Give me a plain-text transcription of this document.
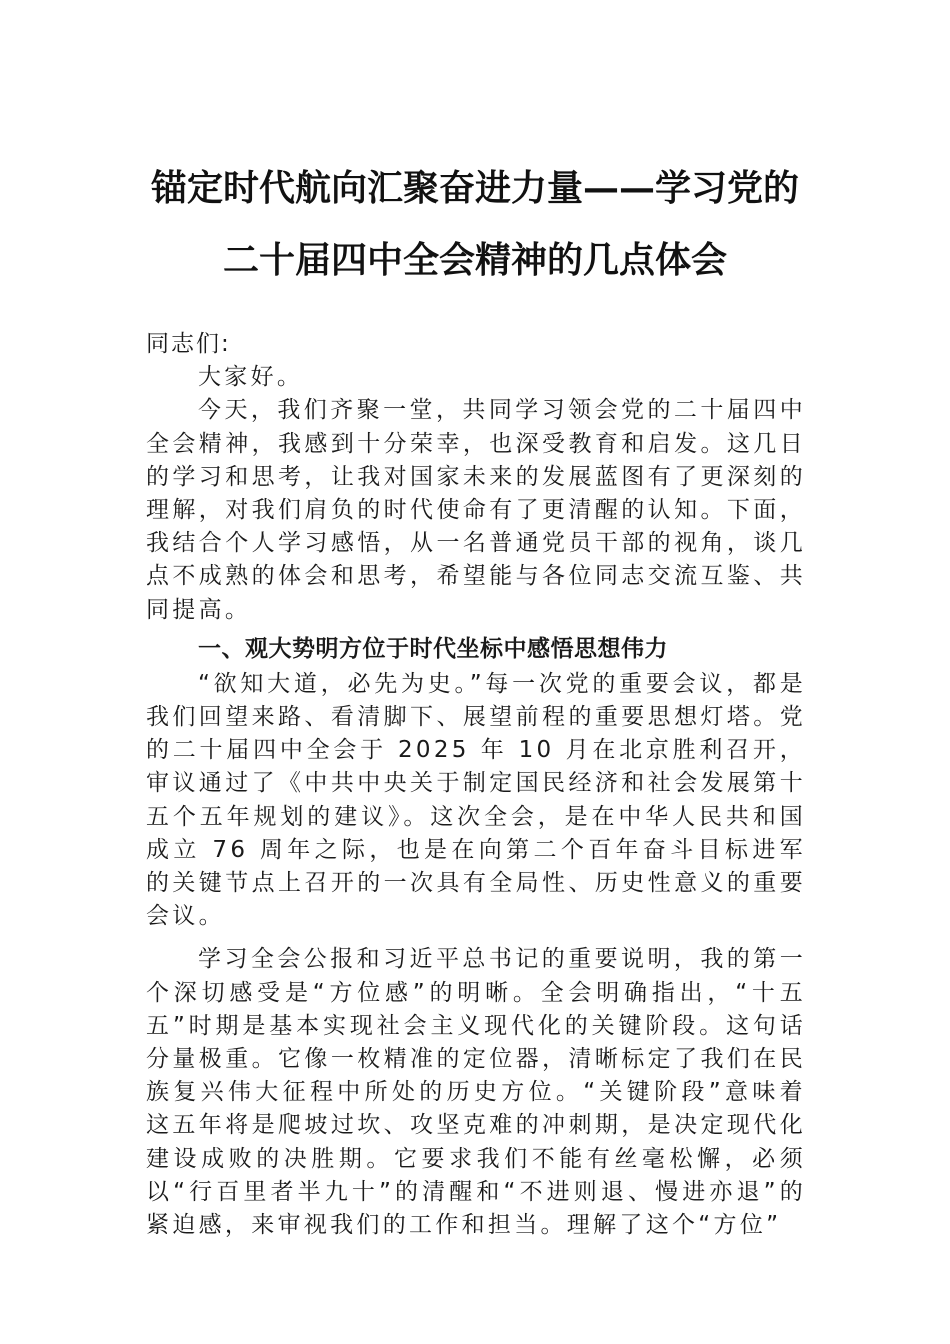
锚定时代航向汇聚奋进力量——学习党的
二十届四中全会精神的几点体会

同志们:

大家好。

今天，我们齐聚一堂，共同学习领会党的二十届四中全会精神，我感到十分荣幸，也深受教育和启发。这几日的学习和思考，让我对国家未来的发展蓝图有了更深刻的理解，对我们肩负的时代使命有了更清醒的认知。下面，我结合个人学习感悟，从一名普通党员干部的视角，谈几点不成熟的体会和思考，希望能与各位同志交流互鉴、共同提高。

一、观大势明方位于时代坐标中感悟思想伟力

“欲知大道，必先为史。”每一次党的重要会议，都是我们回望来路、看清脚下、展望前程的重要思想灯塔。党的二十届四中全会于 2025 年 10 月在北京胜利召开，审议通过了《中共中央关于制定国民经济和社会发展第十五个五年规划的建议》。这次全会，是在中华人民共和国成立 76 周年之际，也是在向第二个百年奋斗目标进军的关键节点上召开的一次具有全局性、历史性意义的重要会议。

学习全会公报和习近平总书记的重要说明，我的第一个深切感受是“方位感”的明晰。全会明确指出，“十五五”时期是基本实现社会主义现代化的关键阶段。这句话分量极重。它像一枚精准的定位器，清晰标定了我们在民族复兴伟大征程中所处的历史方位。“关键阶段”意味着这五年将是爬坡过坎、攻坚克难的冲刺期，是决定现代化建设成败的决胜期。它要求我们不能有丝毫松懈，必须以“行百里者半九十”的清醒和“不进则退、慢进亦退”的紧迫感，来审视我们的工作和担当。理解了这个“方位”
